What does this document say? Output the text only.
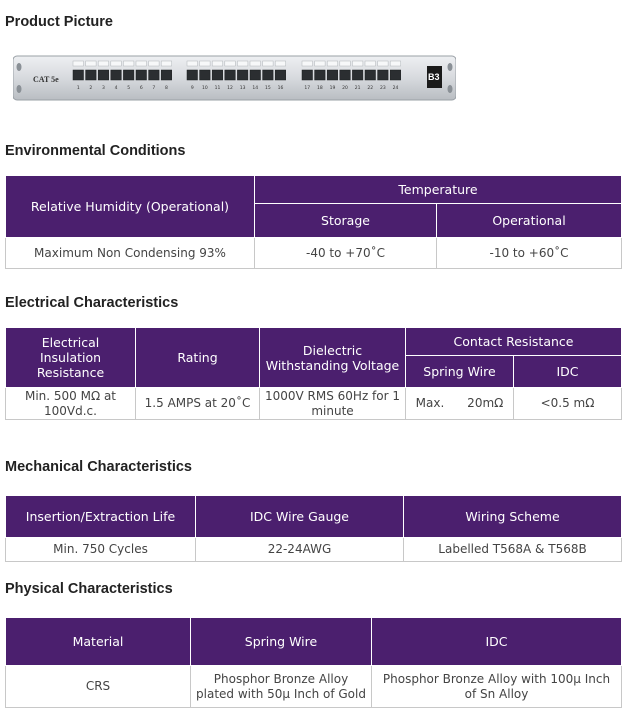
Product Picture
CAT 5e
1 2 3 4 5 6 7 8	9 10 11 12 13 14 15 16	17 18 19 20 21 22 23 24
B3
Environmental Conditions
Relative Humidity (Operational)	Temperature	
	Storage	Operational
Maximum Non Condensing 93%	-40 to +70˚C	-10 to +60˚C
Electrical Characteristics
Electrical Insulation Resistance	Rating	Dielectric Withstanding Voltage	Contact Resistance	
			Spring Wire	IDC
Min. 500 MΩ at 100Vd.c.	1.5 AMPS at 20˚C	1000V RMS 60Hz for 1 minute	Max.      20mΩ	<0.5 mΩ
Mechanical Characteristics
Insertion/Extraction Life	IDC Wire Gauge	Wiring Scheme
Min. 750 Cycles	22-24AWG	Labelled T568A & T568B
Physical Characteristics
Material	Spring Wire	IDC
CRS	Phosphor Bronze Alloy plated with 50μ Inch of Gold	Phosphor Bronze Alloy with 100μ Inch of Sn Alloy
